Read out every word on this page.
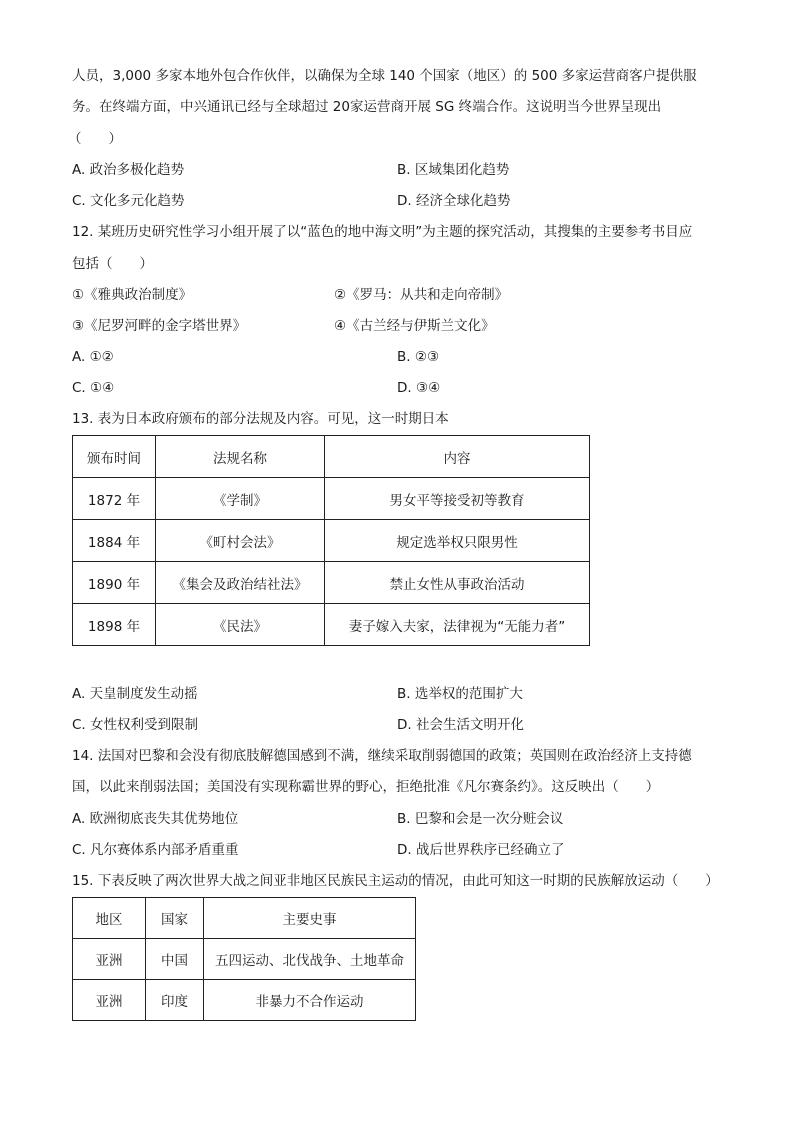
人员，3,000 多家本地外包合作伙伴，以确保为全球 140 个国家（地区）的 500 多家运营商客户提供服
务。在终端方面，中兴通讯已经与全球超过 20家运营商开展 SG 终端合作。这说明当今世界呈现出
（　　）
A. 政治多极化趋势	B. 区域集团化趋势
C. 文化多元化趋势	D. 经济全球化趋势
12. 某班历史研究性学习小组开展了以“蓝色的地中海文明”为主题的探究活动，其搜集的主要参考书目应
包括（　　）
①《雅典政治制度》	②《罗马：从共和走向帝制》
③《尼罗河畔的金字塔世界》	④《古兰经与伊斯兰文化》
A. ①②	B. ②③
C. ①④	D. ③④
13. 表为日本政府颁布的部分法规及内容。可见，这一时期日本
颁布时间	法规名称	内容
1872 年	《学制》	男女平等接受初等教育
1884 年	《町村会法》	规定选举权只限男性
1890 年	《集会及政治结社法》	禁止女性从事政治活动
1898 年	《民法》	妻子嫁入夫家，法律视为“无能力者”
A. 天皇制度发生动摇	B. 选举权的范围扩大
C. 女性权利受到限制	D. 社会生活文明开化
14. 法国对巴黎和会没有彻底肢解德国感到不满，继续采取削弱德国的政策；英国则在政治经济上支持德
国，以此来削弱法国；美国没有实现称霸世界的野心，拒绝批准《凡尔赛条约》。这反映出（　　）
A. 欧洲彻底丧失其优势地位	B. 巴黎和会是一次分赃会议
C. 凡尔赛体系内部矛盾重重	D. 战后世界秩序已经确立了
15. 下表反映了两次世界大战之间亚非地区民族民主运动的情况，由此可知这一时期的民族解放运动（　　）
地区	国家	主要史事
亚洲	中国	五四运动、北伐战争、土地革命
亚洲	印度	非暴力不合作运动
